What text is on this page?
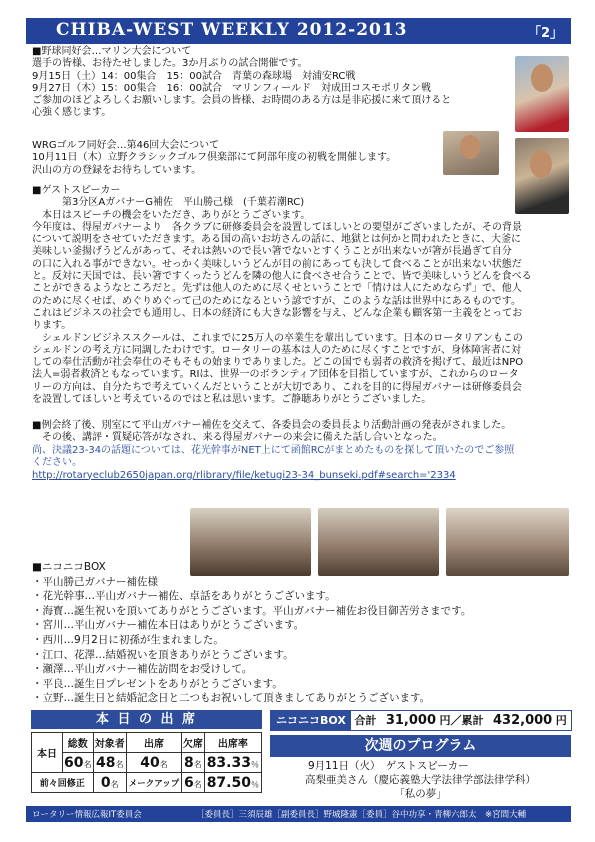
CHIBA-WEST WEEKLY 2012-2013	「2」
■野球同好会…マリン大会について
選手の皆様、お待たせしました。3か月ぶりの試合開催です。
9月15日（土）14：00集合　15：00試合　青葉の森球場　対浦安RC戦
9月27日（木）15：00集合　16：00試合　マリンフィールド　対成田コスモポリタン戦
ご参加のほどよろしくお願いします。会員の皆様、お時間のある方は是非応援に来て頂けると
心強く感じます。
WRGゴルフ同好会…第46回大会について
10月11日（木）立野クラシックゴルフ倶楽部にて阿部年度の初戦を開催します。
沢山の方の登録をお待ちしています。
■ゲストスピーカー
　　　第3分区AガバナーG補佐　平山勝己様　(千葉若潮RC)
　本日はスピーチの機会をいただき、ありがとうございます。
今年度は、得屋ガバナーより　各クラブに研修委員会を設置してほしいとの要望がございましたが、その背景
について説明をさせていただきます。ある国の高いお坊さんの話に、地獄とは何かと問われたときに、大釜に
美味しい釜揚げうどんがあって、それは熱いので長い箸でないとすくうことが出来ないが箸が長過ぎて自分
の口に入れる事ができない。せっかく美味しいうどんが目の前にあっても決して食べることが出来ない状態だ
と。反対に天国では、長い箸ですくったうどんを隣の他人に食べさせ合うことで、皆で美味しいうどんを食べる
ことができるようなところだと。先ずは他人のために尽くせということで「情けは人にためならず」で、他人
のために尽くせば、めぐりめぐって己のためになるという諺ですが、このような話は世界中にあるものです。
これはビジネスの社会でも通用し、日本の経済にも大きな影響を与え、どんな企業も顧客第一主義をとってお
ります。
　シェルドンビジネススクールは、これまでに25万人の卒業生を輩出しています。日本のロータリアンもこの
シェルドンの考え方に同調したわけです。ロータリーの基本は人のために尽くすことですが、身体障害者に対
しての奉仕活動が社会奉仕のそもそもの始まりでありました。どこの国でも弱者の救済を掲げて、最近はNPO
法人=弱者救済ともなっています。RIは、世界一のボランティア団体を目指していますが、これからのロータ
リーの方向は、自分たちで考えていくんだということが大切であり、これを目的に得屋ガバナーは研修委員会
を設置してほしいと考えているのではと私は思います。ご静聴ありがとうございました。
■例会終了後、別室にて平山ガバナー補佐を交えて、各委員会の委員長より活動計画の発表がされました。
　その後、講評・質疑応答がなされ、来る得屋ガバナーの来会に備えた話し合いとなった。
尚、決議23-34の話題については、花光幹事がNET上にて函館RCがまとめたものを探して頂いたのでご参照
ください。
http://rotaryeclub2650japan.org/rlibrary/file/ketugi23-34_bunseki.pdf#search='2334
■ニコニコBOX
・平山勝己ガバナー補佐様
・花光幹事…平山ガバナー補佐、卓話をありがとうございます。
・海寳…誕生祝いを頂いてありがとうございます。平山ガバナー補佐お役目御苦労さまです。
・宮川…平山ガバナー補佐本日はありがとうございます。
・西川…9月2日に初孫が生まれました。
・江口、花澤…結婚祝いを頂きありがとうございます。
・瀬澤…平山ガバナー補佐訪問をお受けして。
・平良…誕生日プレゼントをありがとうございます。
・立野…誕生日と結婚記念日と二つもお祝いして頂きましてありがとうございます。
本 日 の 出 席
本日	総数	対象者	出席	欠席	出席率
	60名	48名	40名	8名	83.33％
前々回修正		0名	メークアップ	6名	87.50％
ニコニコBOX 合計 31,000 円／累計 432,000 円
次週のプログラム
9月11日（火）　ゲストスピーカー
高梨亜美さん（慶応義塾大学法律学部法律学科）
「私の夢」
ロータリー情報広報IT委員会	［委員長］三須辰雄［副委員長］野城隆憲［委員］谷中功享・青柳六郎太　※宮間大輔
